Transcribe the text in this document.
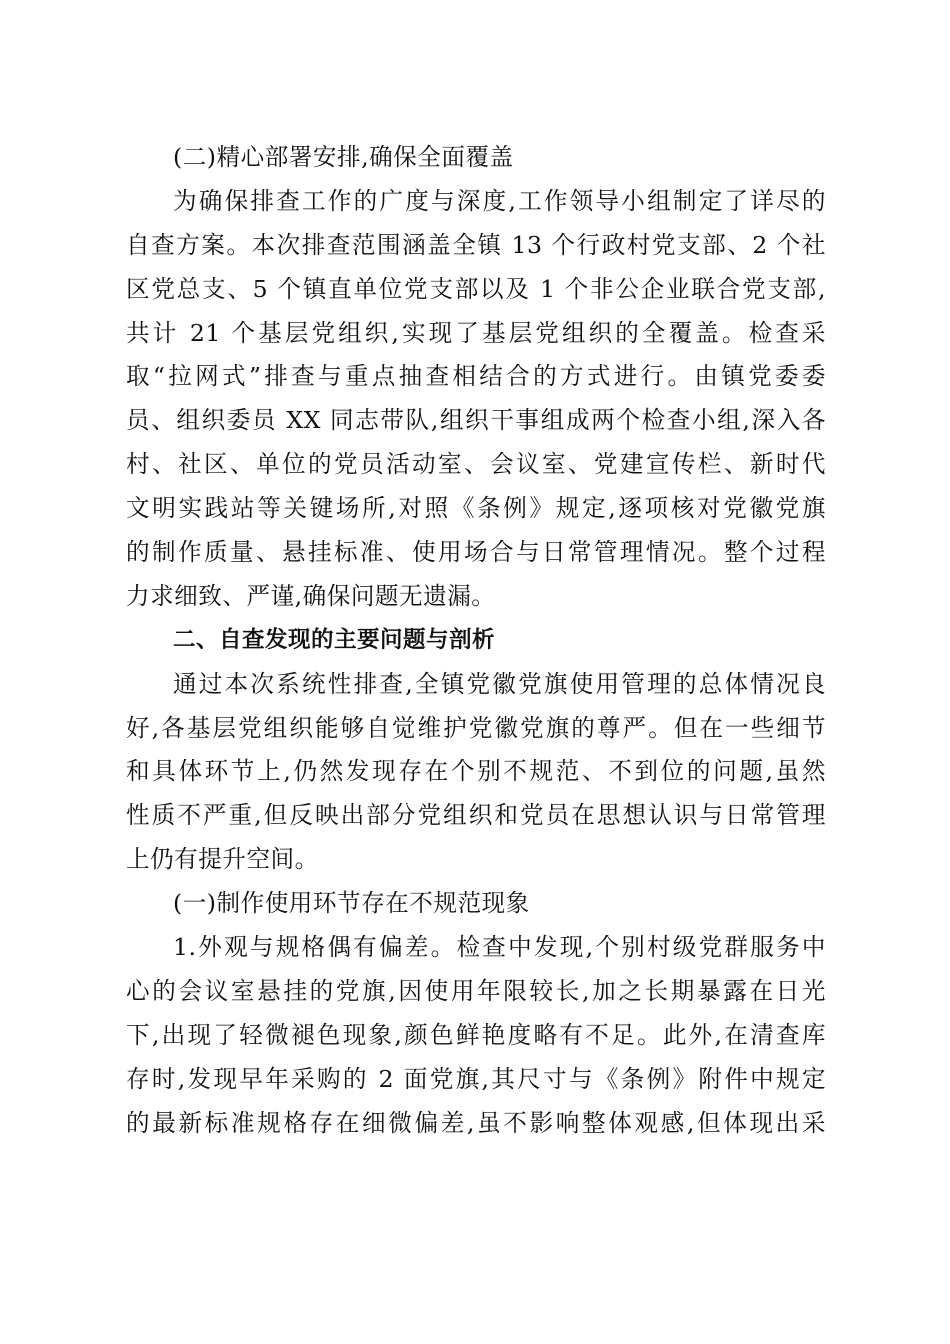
(二)精心部署安排,确保全面覆盖
为确保排查工作的广度与深度,工作领导小组制定了详尽的
自查方案。本次排查范围涵盖全镇 13 个行政村党支部、2 个社
区党总支、5 个镇直单位党支部以及 1 个非公企业联合党支部,
共计 21 个基层党组织,实现了基层党组织的全覆盖。检查采
取“拉网式”排查与重点抽查相结合的方式进行。由镇党委委
员、组织委员 XX 同志带队,组织干事组成两个检查小组,深入各
村、社区、单位的党员活动室、会议室、党建宣传栏、新时代
文明实践站等关键场所,对照《条例》规定,逐项核对党徽党旗
的制作质量、悬挂标准、使用场合与日常管理情况。整个过程
力求细致、严谨,确保问题无遗漏。
二、自查发现的主要问题与剖析
通过本次系统性排查,全镇党徽党旗使用管理的总体情况良
好,各基层党组织能够自觉维护党徽党旗的尊严。但在一些细节
和具体环节上,仍然发现存在个别不规范、不到位的问题,虽然
性质不严重,但反映出部分党组织和党员在思想认识与日常管理
上仍有提升空间。
(一)制作使用环节存在不规范现象
1.外观与规格偶有偏差。检查中发现,个别村级党群服务中
心的会议室悬挂的党旗,因使用年限较长,加之长期暴露在日光
下,出现了轻微褪色现象,颜色鲜艳度略有不足。此外,在清查库
存时,发现早年采购的 2 面党旗,其尺寸与《条例》附件中规定
的最新标准规格存在细微偏差,虽不影响整体观感,但体现出采
